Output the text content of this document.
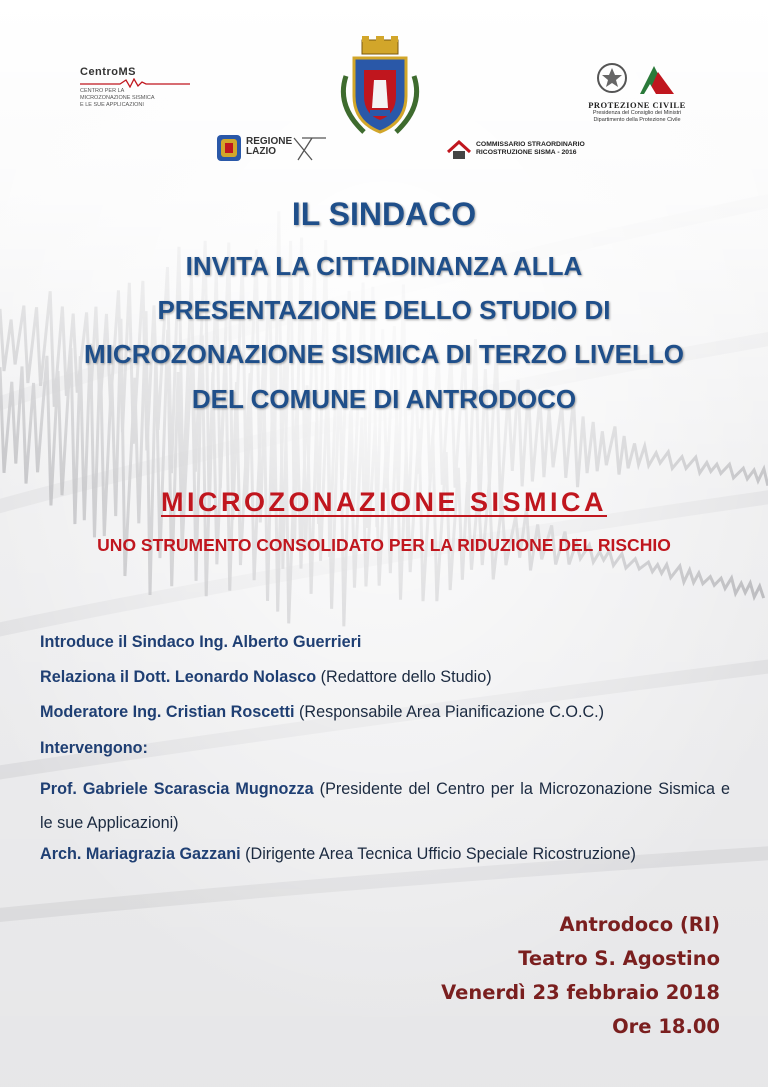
CentroMS
CENTRO PER LA
MICROZONAZIONE SISMICA
E LE SUE APPLICAZIONI	PROTEZIONE CIVILE
Presidenza del Consiglio dei Ministri
Dipartimento della Protezione Civile
REGIONE
LAZIO
COMMISSARIO STRAORDINARIO
RICOSTRUZIONE SISMA - 2016
IL SINDACO
INVITA LA CITTADINANZA ALLA
PRESENTAZIONE DELLO STUDIO DI
MICROZONAZIONE SISMICA DI TERZO LIVELLO
DEL COMUNE DI ANTRODOCO
MICROZONAZIONE SISMICA
UNO STRUMENTO CONSOLIDATO PER LA RIDUZIONE DEL RISCHIO
Introduce il Sindaco Ing. Alberto Guerrieri
Relaziona il Dott. Leonardo Nolasco (Redattore dello Studio)
Moderatore Ing. Cristian Roscetti (Responsabile Area Pianificazione C.O.C.)
Intervengono:
Prof. Gabriele Scarascia Mugnozza (Presidente del Centro per la Microzonazione Sismica e le sue Applicazioni)
Arch. Mariagrazia Gazzani (Dirigente Area Tecnica Ufficio Speciale Ricostruzione)
Antrodoco (RI)
Teatro S. Agostino
Venerdì 23 febbraio 2018
Ore 18.00
